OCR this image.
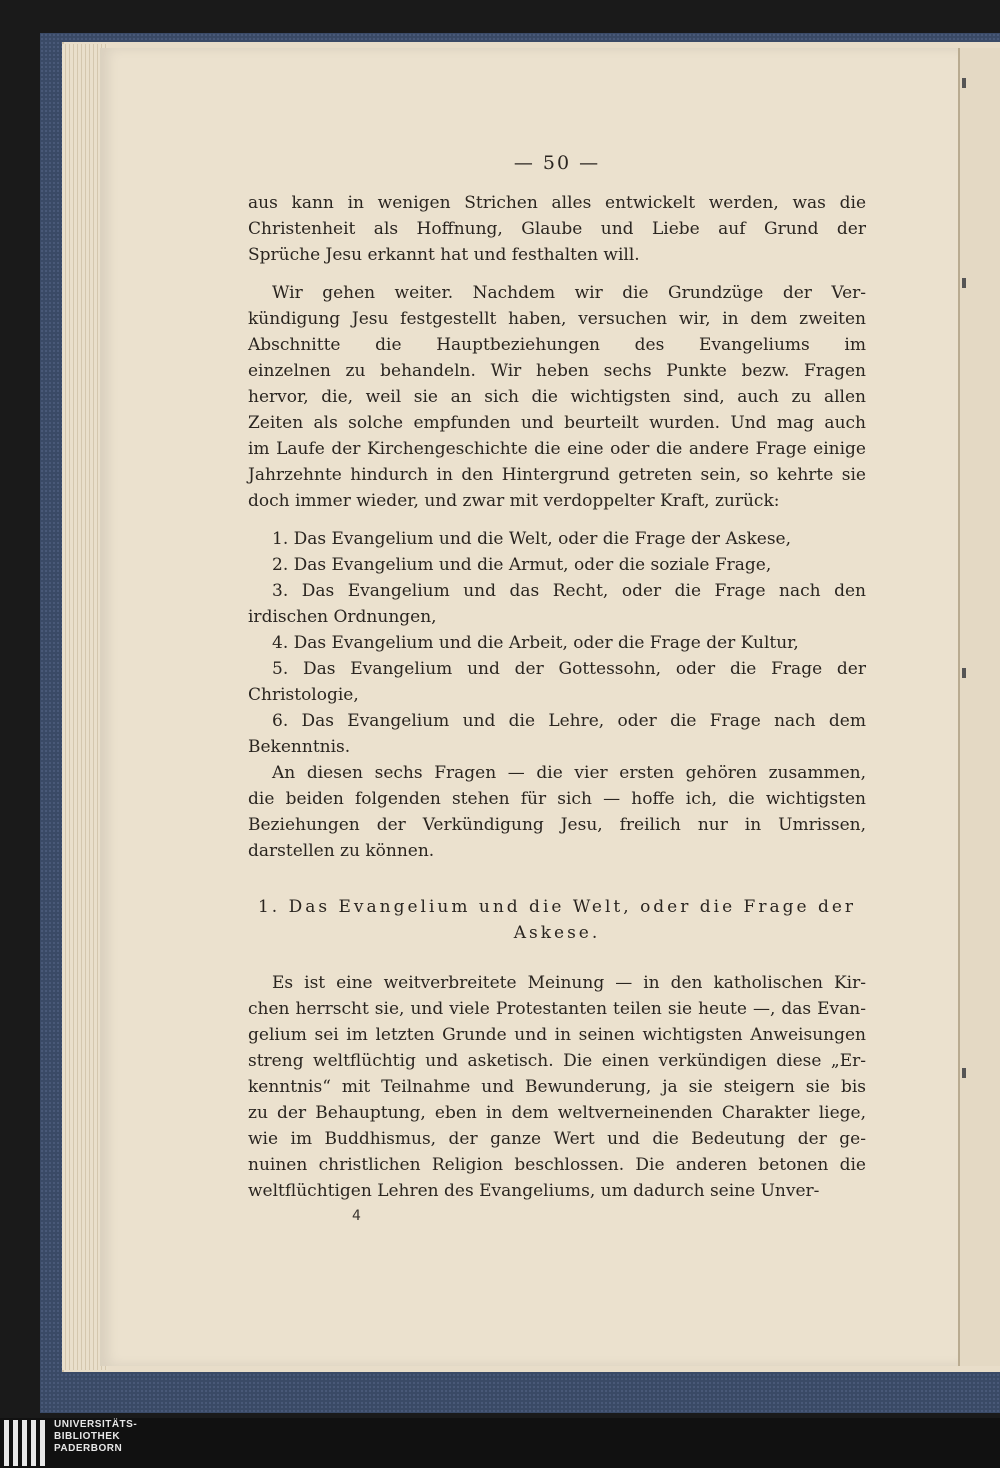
— 50 —
aus kann in wenigen Strichen alles entwickelt werden, was die
Christenheit als Hoffnung, Glaube und Liebe auf Grund der
Sprüche Jesu erkannt hat und festhalten will.
Wir gehen weiter. Nachdem wir die Grundzüge der Ver-
kündigung Jesu festgestellt haben, versuchen wir, in dem zweiten
Abschnitte die Hauptbeziehungen des Evangeliums im
einzelnen zu behandeln. Wir heben sechs Punkte bezw. Fragen
hervor, die, weil sie an sich die wichtigsten sind, auch zu allen
Zeiten als solche empfunden und beurteilt wurden. Und mag auch
im Laufe der Kirchengeschichte die eine oder die andere Frage einige
Jahrzehnte hindurch in den Hintergrund getreten sein, so kehrte sie
doch immer wieder, und zwar mit verdoppelter Kraft, zurück:
1. Das Evangelium und die Welt, oder die Frage der Askese,
2. Das Evangelium und die Armut, oder die soziale Frage,
3. Das Evangelium und das Recht, oder die Frage nach den
irdischen Ordnungen,
4. Das Evangelium und die Arbeit, oder die Frage der Kultur,
5. Das Evangelium und der Gottessohn, oder die Frage der
Christologie,
6. Das Evangelium und die Lehre, oder die Frage nach dem
Bekenntnis.
An diesen sechs Fragen — die vier ersten gehören zusammen,
die beiden folgenden stehen für sich — hoffe ich, die wichtigsten
Beziehungen der Verkündigung Jesu, freilich nur in Umrissen,
darstellen zu können.
1. Das Evangelium und die Welt, oder die Frage der
Askese.
Es ist eine weitverbreitete Meinung — in den katholischen Kir-
chen herrscht sie, und viele Protestanten teilen sie heute —, das Evan-
gelium sei im letzten Grunde und in seinen wichtigsten Anweisungen
streng weltflüchtig und asketisch. Die einen verkündigen diese „Er-
kenntnis“ mit Teilnahme und Bewunderung, ja sie steigern sie bis
zu der Behauptung, eben in dem weltverneinenden Charakter liege,
wie im Buddhismus, der ganze Wert und die Bedeutung der ge-
nuinen christlichen Religion beschlossen. Die anderen betonen die
weltflüchtigen Lehren des Evangeliums, um dadurch seine Unver-
4
UNIVERSITÄTS-
BIBLIOTHEK
PADERBORN
